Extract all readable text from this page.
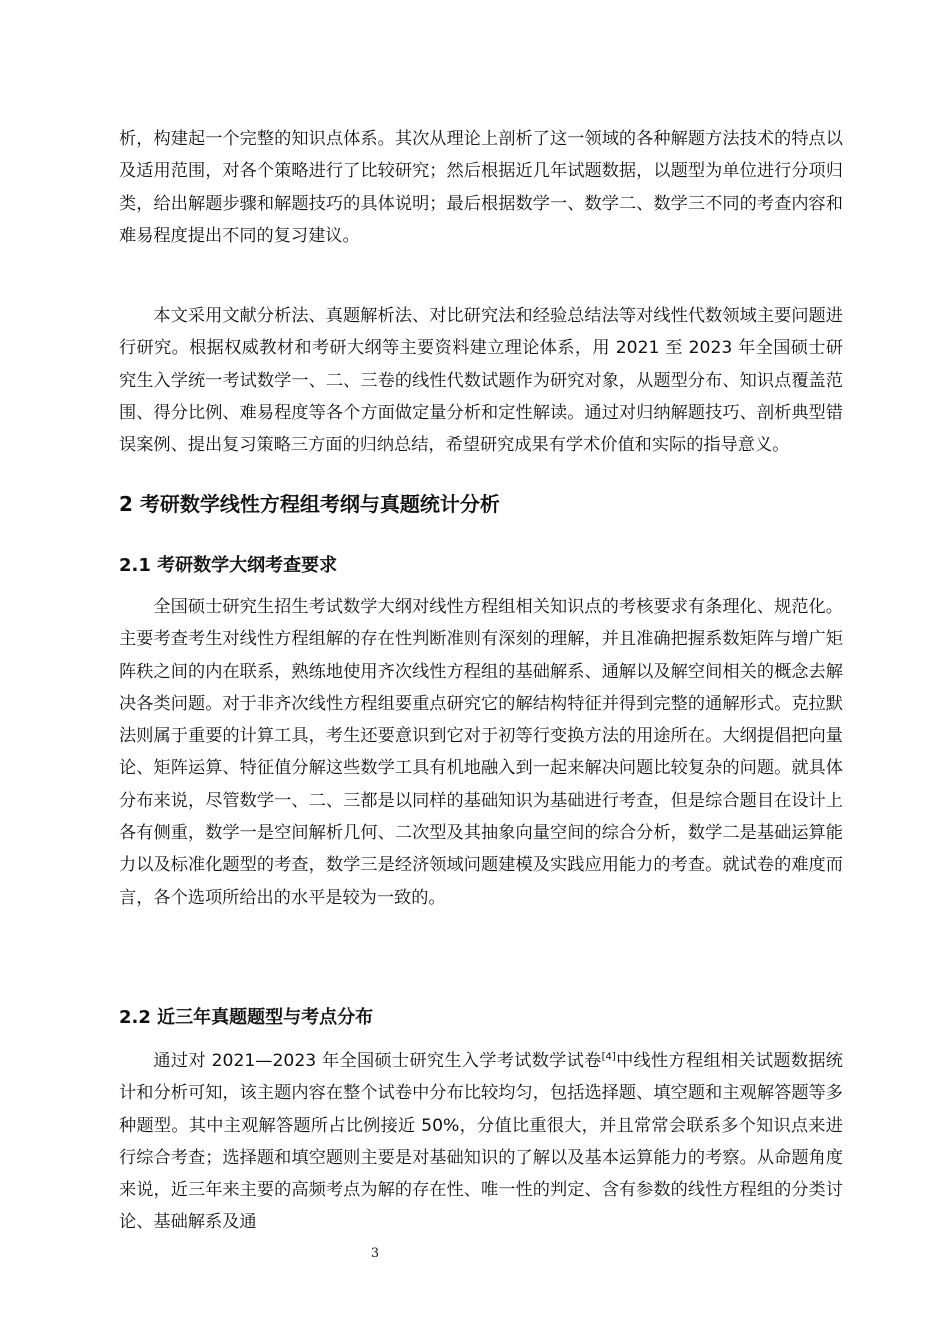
析，构建起一个完整的知识点体系。其次从理论上剖析了这一领域的各种解题方法技术的特点以及适用范围，对各个策略进行了比较研究；然后根据近几年试题数据，以题型为单位进行分项归类，给出解题步骤和解题技巧的具体说明；最后根据数学一、数学二、数学三不同的考查内容和难易程度提出不同的复习建议。

本文采用文献分析法、真题解析法、对比研究法和经验总结法等对线性代数领域主要问题进行研究。根据权威教材和考研大纲等主要资料建立理论体系，用 2021 至 2023 年全国硕士研究生入学统一考试数学一、二、三卷的线性代数试题作为研究对象，从题型分布、知识点覆盖范围、得分比例、难易程度等各个方面做定量分析和定性解读。通过对归纳解题技巧、剖析典型错误案例、提出复习策略三方面的归纳总结，希望研究成果有学术价值和实际的指导意义。

2 考研数学线性方程组考纲与真题统计分析
2.1 考研数学大纲考查要求

全国硕士研究生招生考试数学大纲对线性方程组相关知识点的考核要求有条理化、规范化。主要考查考生对线性方程组解的存在性判断准则有深刻的理解，并且准确把握系数矩阵与增广矩阵秩之间的内在联系，熟练地使用齐次线性方程组的基础解系、通解以及解空间相关的概念去解决各类问题。对于非齐次线性方程组要重点研究它的解结构特征并得到完整的通解形式。克拉默法则属于重要的计算工具，考生还要意识到它对于初等行变换方法的用途所在。大纲提倡把向量论、矩阵运算、特征值分解这些数学工具有机地融入到一起来解决问题比较复杂的问题。就具体分布来说，尽管数学一、二、三都是以同样的基础知识为基础进行考查，但是综合题目在设计上各有侧重，数学一是空间解析几何、二次型及其抽象向量空间的综合分析，数学二是基础运算能力以及标准化题型的考查，数学三是经济领域问题建模及实践应用能力的考查。就试卷的难度而言，各个选项所给出的水平是较为一致的。

2.2 近三年真题题型与考点分布

通过对 2021—2023 年全国硕士研究生入学考试数学试卷[4]中线性方程组相关试题数据统计和分析可知，该主题内容在整个试卷中分布比较均匀，包括选择题、填空题和主观解答题等多种题型。其中主观解答题所占比例接近 50%，分值比重很大，并且常常会联系多个知识点来进行综合考查；选择题和填空题则主要是对基础知识的了解以及基本运算能力的考察。从命题角度来说，近三年来主要的高频考点为解的存在性、唯一性的判定、含有参数的线性方程组的分类讨论、基础解系及通

3
